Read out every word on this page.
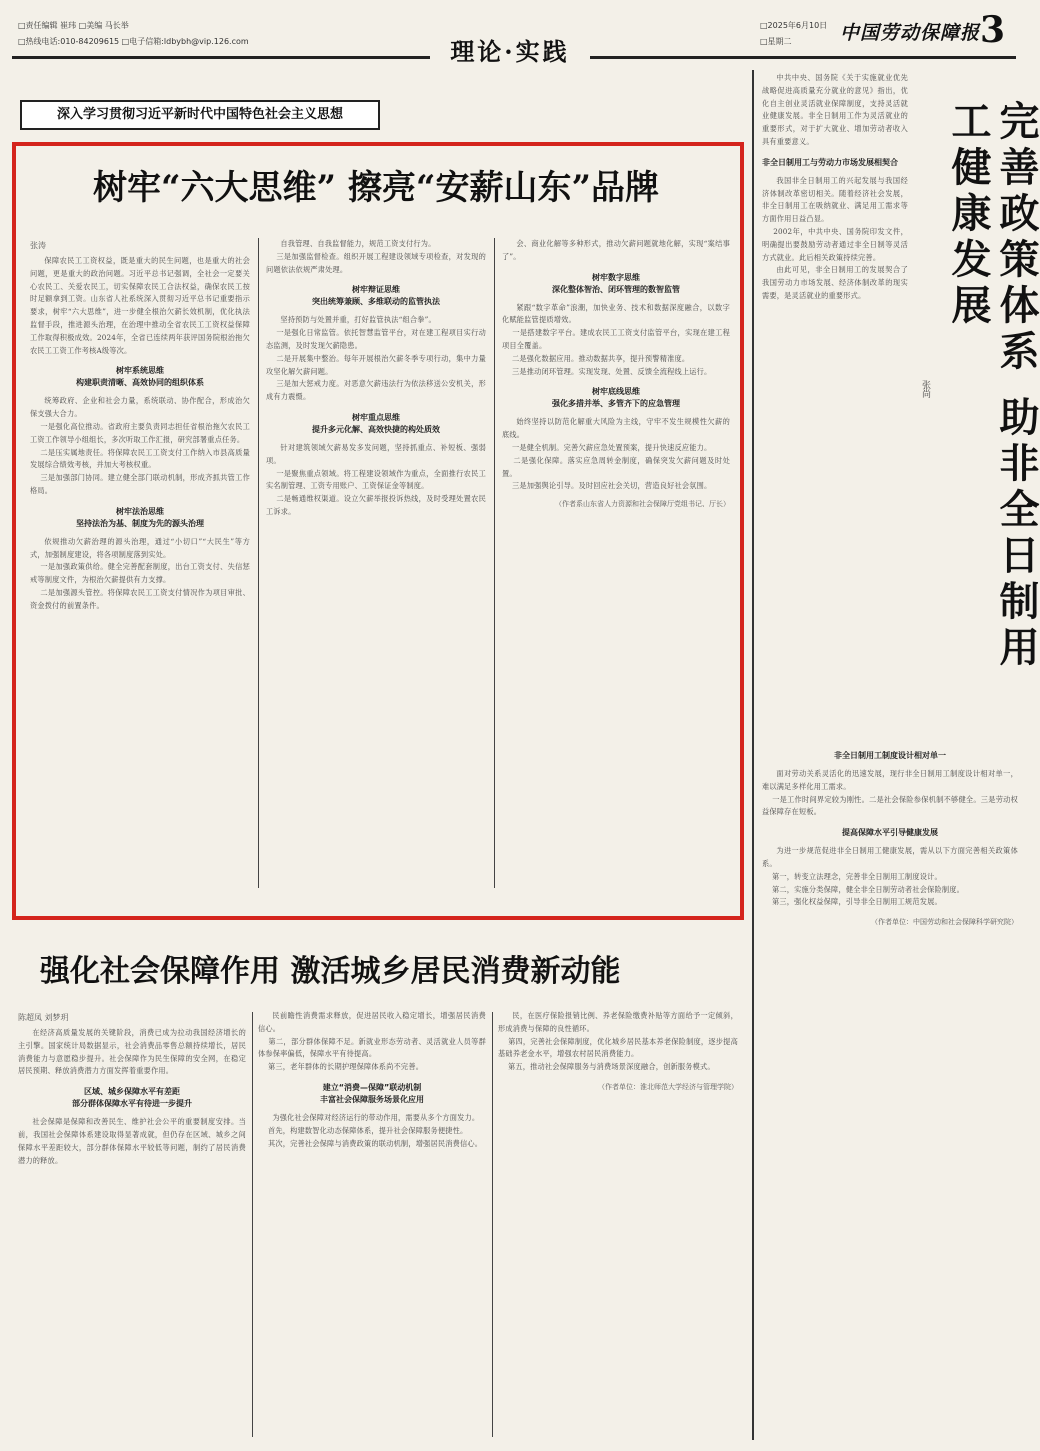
□责任编辑 崔玮 □美编 马长举
□热线电话:010-84209615 □电子信箱:ldbybh@vip.126.com
□2025年6月10日
□星期二	中国劳动保障报 3
理论·实践
深入学习贯彻习近平新时代中国特色社会主义思想
树牢“六大思维” 擦亮“安薪山东”品牌
张涛
保障农民工工资权益，既是重大的民生问题，也是重大的社会问题，更是重大的政治问题。习近平总书记强调，全社会一定要关心农民工、关爱农民工，切实保障农民工合法权益，确保农民工按时足额拿到工资。山东省人社系统深入贯彻习近平总书记重要指示要求，树牢“六大思维”，进一步健全根治欠薪长效机制，优化执法监督手段，推进源头治理，在治理中推动全省农民工工资权益保障工作取得积极成效。2024年，全省已连续两年获评国务院根治拖欠农民工工资工作考核A级等次。
树牢系统思维
构建职责清晰、高效协同的组织体系
统筹政府、企业和社会力量，系统联动、协作配合，形成治欠保支强大合力。
一是强化高位推动。省政府主要负责同志担任省根治拖欠农民工工资工作领导小组组长，多次听取工作汇报，研究部署重点任务。
二是压实属地责任。将保障农民工工资支付工作纳入市县高质量发展综合绩效考核，并加大考核权重。
三是加强部门协同。建立健全部门联动机制，形成齐抓共管工作格局。
树牢法治思维
坚持法治为基、制度为先的源头治理
依规推动欠薪治理的源头治理，通过“小切口”“大民生”等方式，加强制度建设，将各项制度落到实处。
一是加强政策供给。健全完善配套制度，出台工资支付、失信惩戒等制度文件，为根治欠薪提供有力支撑。
二是加强源头管控。将保障农民工工资支付情况作为项目审批、资金拨付的前置条件。
自我管理、自我监督能力，规范工资支付行为。
三是加强监督检查。组织开展工程建设领域专项检查，对发现的问题依法依规严肃处理。
树牢辩证思维
突出统筹兼顾、多维联动的监管执法
坚持预防与处置并重，打好监管执法“组合拳”。
一是强化日常监管。依托智慧监管平台，对在建工程项目实行动态监测，及时发现欠薪隐患。
二是开展集中整治。每年开展根治欠薪冬季专项行动，集中力量攻坚化解欠薪问题。
三是加大惩戒力度。对恶意欠薪违法行为依法移送公安机关，形成有力震慑。
树牢重点思维
提升多元化解、高效快捷的构处质效
针对建筑领域欠薪易发多发问题，坚持抓重点、补短板、强弱项。
一是聚焦重点领域。将工程建设领域作为重点，全面推行农民工实名制管理、工资专用账户、工资保证金等制度。
二是畅通维权渠道。设立欠薪举报投诉热线，及时受理处置农民工诉求。
会、商业化解等多种形式，推动欠薪问题就地化解，实现“案结事了”。
树牢数字思维
深化整体智治、闭环管理的数智监管
紧跟“数字革命”浪潮，加快业务、技术和数据深度融合，以数字化赋能监管提质增效。
一是搭建数字平台。建成农民工工资支付监管平台，实现在建工程项目全覆盖。
二是强化数据应用。推动数据共享，提升预警精准度。
三是推动闭环管理。实现发现、处置、反馈全流程线上运行。
树牢底线思维
强化多措并举、多管齐下的应急管理
始终坚持以防范化解重大风险为主线，守牢不发生规模性欠薪的底线。
一是健全机制。完善欠薪应急处置预案，提升快速反应能力。
二是强化保障。落实应急周转金制度，确保突发欠薪问题及时处置。
三是加强舆论引导。及时回应社会关切，营造良好社会氛围。
（作者系山东省人力资源和社会保障厅党组书记、厅长）
强化社会保障作用 激活城乡居民消费新动能
陈超凤 刘梦玥
在经济高质量发展的关键阶段，消费已成为拉动我国经济增长的主引擎。国家统计局数据显示，社会消费品零售总额持续增长，居民消费能力与意愿稳步提升。社会保障作为民生保障的安全网，在稳定居民预期、释放消费潜力方面发挥着重要作用。
区域、城乡保障水平有差距
部分群体保障水平有待进一步提升
社会保障是保障和改善民生、维护社会公平的重要制度安排。当前，我国社会保障体系建设取得显著成就，但仍存在区域、城乡之间保障水平差距较大，部分群体保障水平较低等问题，制约了居民消费潜力的释放。
民前瞻性消费需求释放，促进居民收入稳定增长，增强居民消费信心。
第二，部分群体保障不足。新就业形态劳动者、灵活就业人员等群体参保率偏低，保障水平有待提高。
第三，老年群体的长期护理保障体系尚不完善。
建立“消费—保障”联动机制
丰富社会保障服务场景化应用
为强化社会保障对经济运行的带动作用，需要从多个方面发力。
首先，构建数智化动态保障体系，提升社会保障服务便捷性。
其次，完善社会保障与消费政策的联动机制，增强居民消费信心。
民，在医疗保险报销比例、养老保险缴费补贴等方面给予一定倾斜，形成消费与保障的良性循环。
第四，完善社会保障制度，优化城乡居民基本养老保险制度，逐步提高基础养老金水平，增强农村居民消费能力。
第五，推动社会保障服务与消费场景深度融合，创新服务模式。
（作者单位：淮北师范大学经济与管理学院）
完善政策体系 助非全日制用工健康发展
中共中央、国务院《关于实施就业优先战略促进高质量充分就业的意见》指出，优化自主创业灵活就业保障制度，支持灵活就业健康发展。非全日制用工作为灵活就业的重要形式，对于扩大就业、增加劳动者收入具有重要意义。
非全日制用工与劳动力市场发展相契合
我国非全日制用工的兴起发展与我国经济体制改革密切相关。随着经济社会发展，非全日制用工在吸纳就业、满足用工需求等方面作用日益凸显。
2002年，中共中央、国务院印发文件，明确提出要鼓励劳动者通过非全日制等灵活方式就业。此后相关政策持续完善。
由此可见，非全日制用工的发展契合了我国劳动力市场发展、经济体制改革的现实需要，是灵活就业的重要形式。
张尚
非全日制用工制度设计相对单一
面对劳动关系灵活化的迅速发展，现行非全日制用工制度设计相对单一，难以满足多样化用工需求。
一是工作时间界定较为刚性。二是社会保险参保机制不够健全。三是劳动权益保障存在短板。
提高保障水平引导健康发展
为进一步规范促进非全日制用工健康发展，需从以下方面完善相关政策体系。
第一，转变立法理念，完善非全日制用工制度设计。
第二，实施分类保障，健全非全日制劳动者社会保险制度。
第三，强化权益保障，引导非全日制用工规范发展。
（作者单位：中国劳动和社会保障科学研究院）
